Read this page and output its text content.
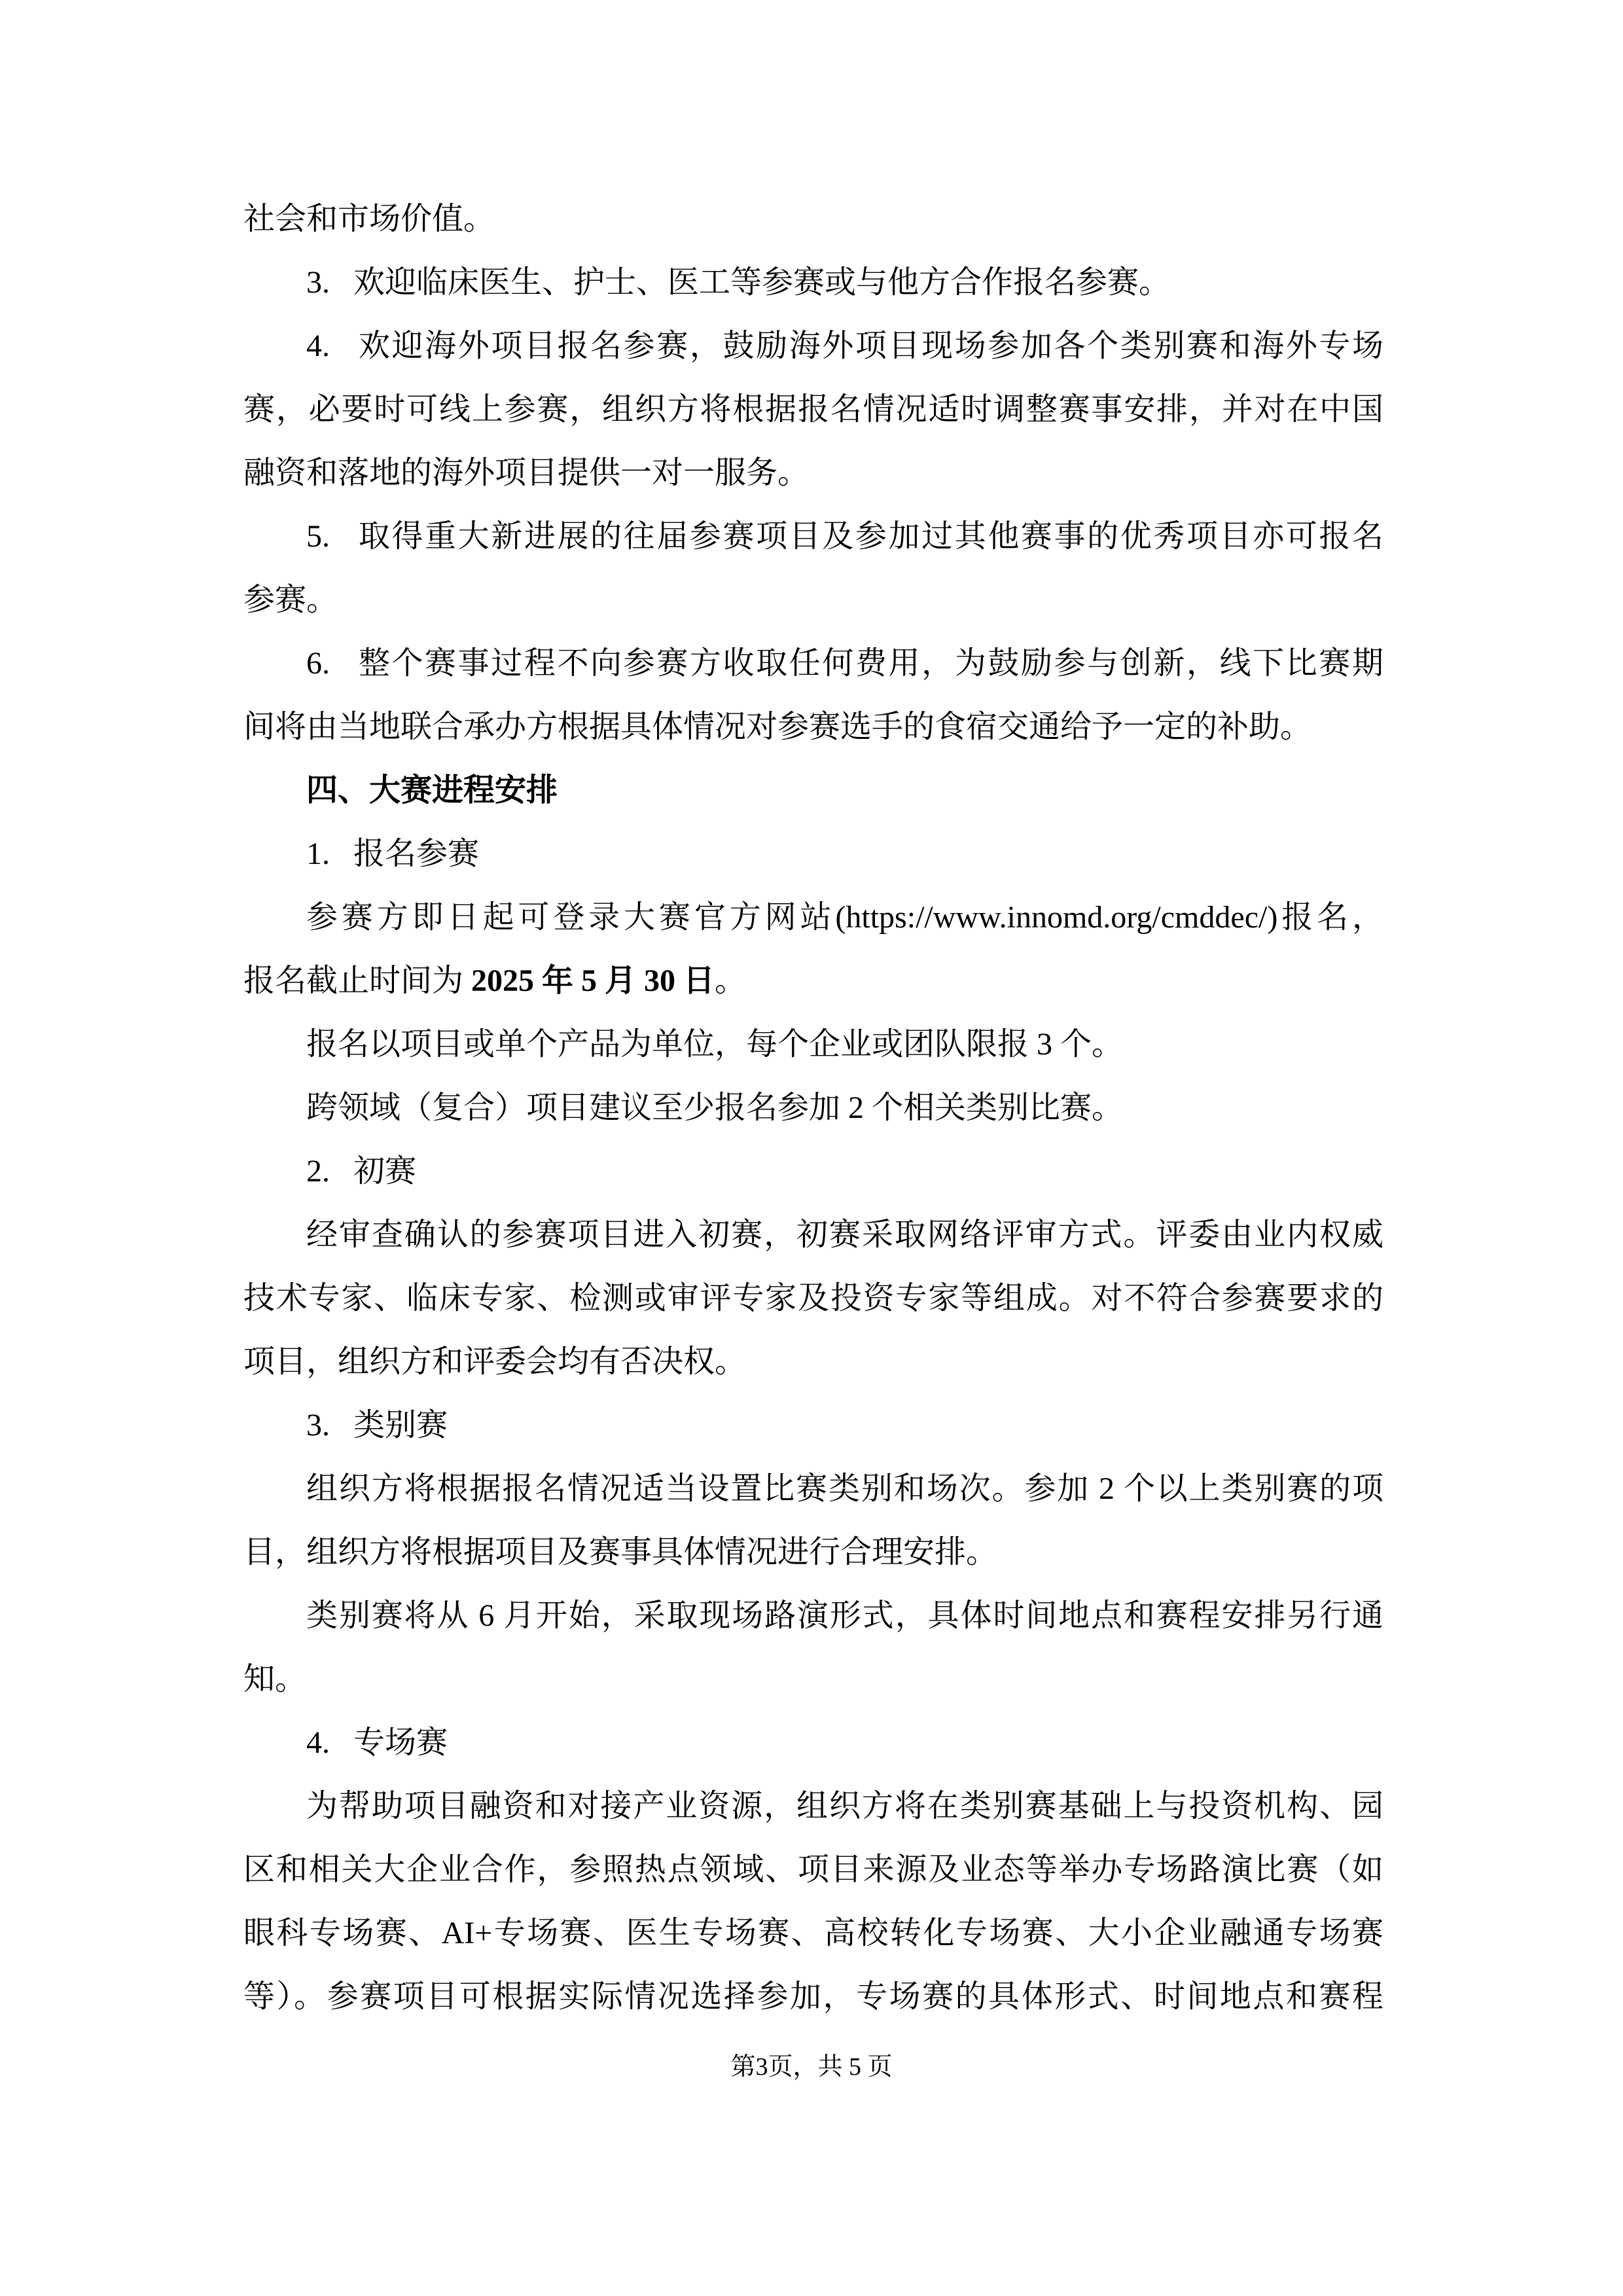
社会和市场价值。
3.   欢迎临床医生、护士、医工等参赛或与他方合作报名参赛。
4.   欢迎海外项目报名参赛，鼓励海外项目现场参加各个类别赛和海外专场
赛，必要时可线上参赛，组织方将根据报名情况适时调整赛事安排，并对在中国
融资和落地的海外项目提供一对一服务。
5.   取得重大新进展的往届参赛项目及参加过其他赛事的优秀项目亦可报名
参赛。
6.   整个赛事过程不向参赛方收取任何费用，为鼓励参与创新，线下比赛期
间将由当地联合承办方根据具体情况对参赛选手的食宿交通给予一定的补助。
四、大赛进程安排
1.   报名参赛
参赛方即日起可登录大赛官方网站(https://www.innomd.org/cmddec/)报名，
报名截止时间为 2025 年 5 月 30 日。
报名以项目或单个产品为单位，每个企业或团队限报 3 个。
跨领域（复合）项目建议至少报名参加 2 个相关类别比赛。
2.   初赛
经审查确认的参赛项目进入初赛，初赛采取网络评审方式。评委由业内权威
技术专家、临床专家、检测或审评专家及投资专家等组成。对不符合参赛要求的
项目，组织方和评委会均有否决权。
3.   类别赛
组织方将根据报名情况适当设置比赛类别和场次。参加 2 个以上类别赛的项
目，组织方将根据项目及赛事具体情况进行合理安排。
类别赛将从 6 月开始，采取现场路演形式，具体时间地点和赛程安排另行通
知。
4.   专场赛
为帮助项目融资和对接产业资源，组织方将在类别赛基础上与投资机构、园
区和相关大企业合作，参照热点领域、项目来源及业态等举办专场路演比赛（如
眼科专场赛、AI+专场赛、医生专场赛、高校转化专场赛、大小企业融通专场赛
等）。参赛项目可根据实际情况选择参加，专场赛的具体形式、时间地点和赛程
第3页，共 5 页
